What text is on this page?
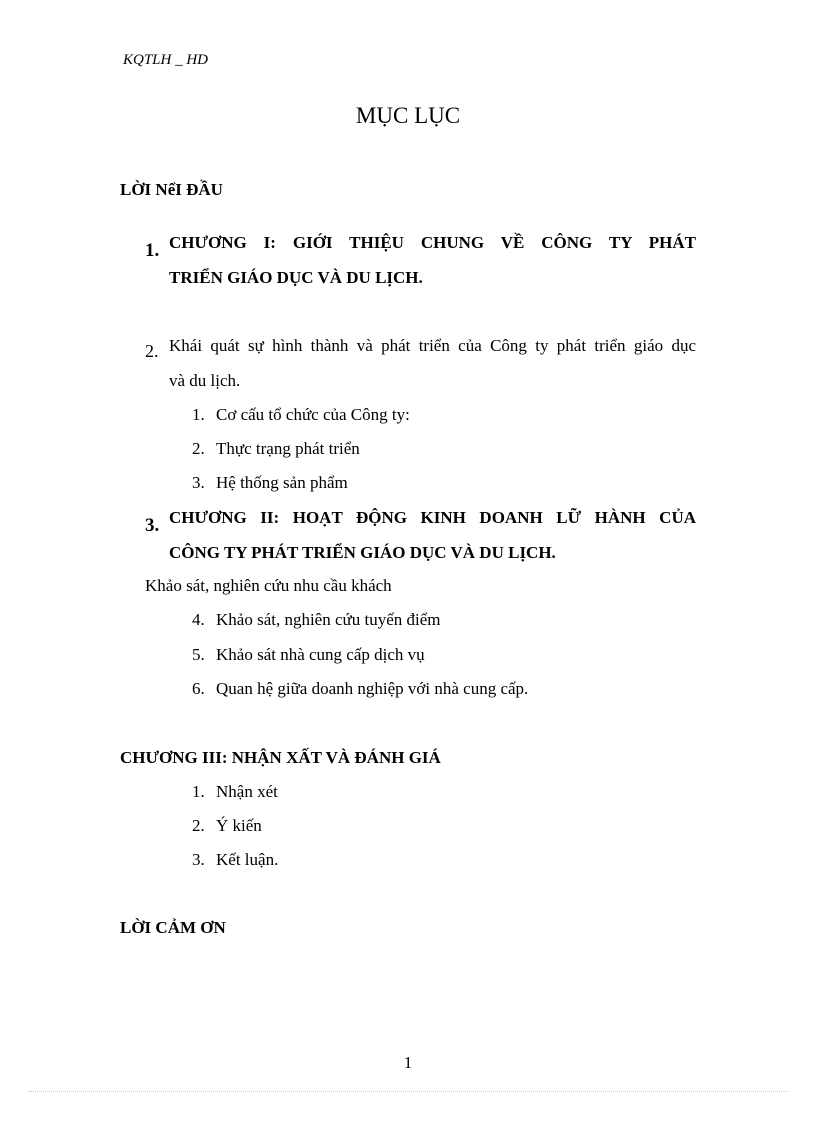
KQTLH _ HD
MỤC LỤC
LỜI NểI ĐẦU
1. CHƯƠNG I: GIỚI THIỆU CHUNG VỀ CÔNG TY PHÁT
TRIỂN GIÁO DỤC VÀ DU LỊCH.
2. Khái quát sự hình thành và phát triển của Công ty phát triển giáo dục
và du lịch.
1. Cơ cấu tổ chức của Công ty:
2. Thực trạng phát triển
3. Hệ thống sản phẩm
3. CHƯƠNG II: HOẠT ĐỘNG KINH DOANH LỮ HÀNH CỦA
CÔNG TY PHÁT TRIỂN GIÁO DỤC VÀ DU LỊCH.
Khảo sát, nghiên cứu nhu cầu khách
4. Khảo sát, nghiên cứu tuyến điểm
5. Khảo sát nhà cung cấp dịch vụ
6. Quan hệ giữa doanh nghiệp với nhà cung cấp.
CHƯƠNG III: NHẬN XẤT VÀ ĐÁNH GIÁ
1. Nhận xét
2. Ý kiến
3. Kết luận.
LỜI CẢM ƠN
1
